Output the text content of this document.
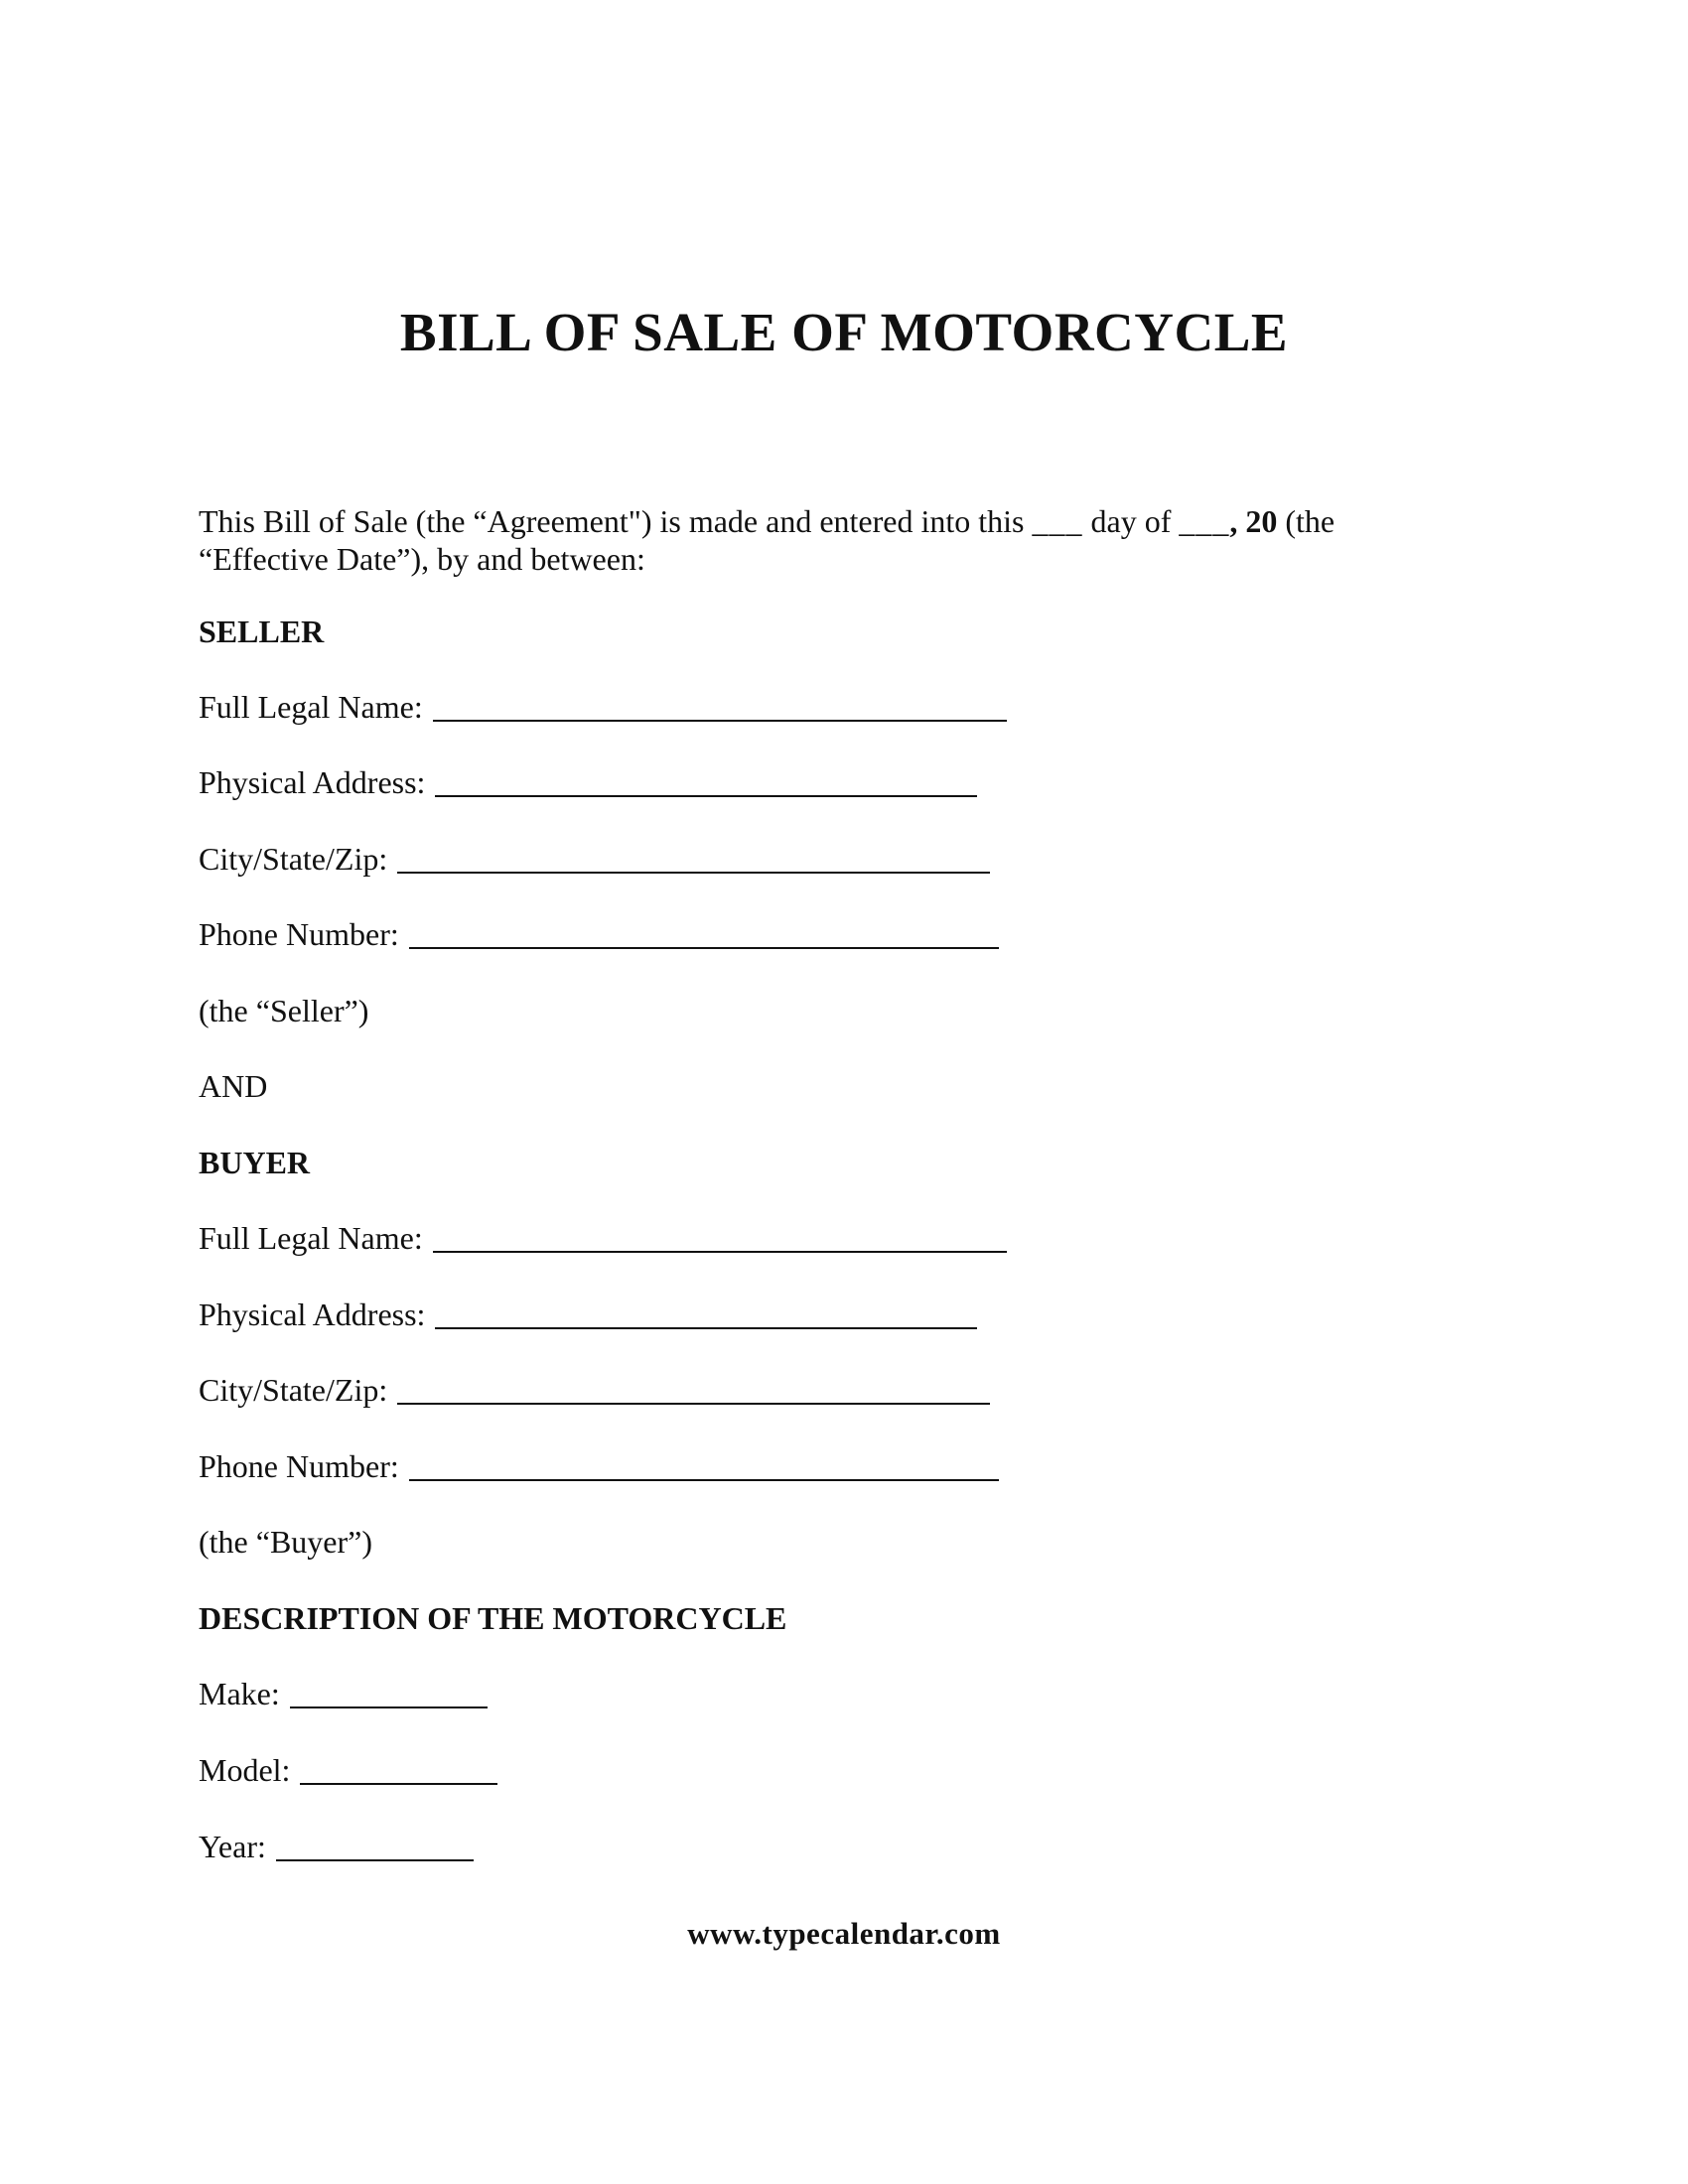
BILL OF SALE OF MOTORCYCLE
This Bill of Sale (the “Agreement") is made and entered into this ___ day of ___, 20 (the
“Effective Date”), by and between:
SELLER
Full Legal Name:
Physical Address:
City/State/Zip:
Phone Number:
(the “Seller”)
AND
BUYER
Full Legal Name:
Physical Address:
City/State/Zip:
Phone Number:
(the “Buyer”)
DESCRIPTION OF THE MOTORCYCLE
Make:
Model:
Year:
www.typecalendar.com
